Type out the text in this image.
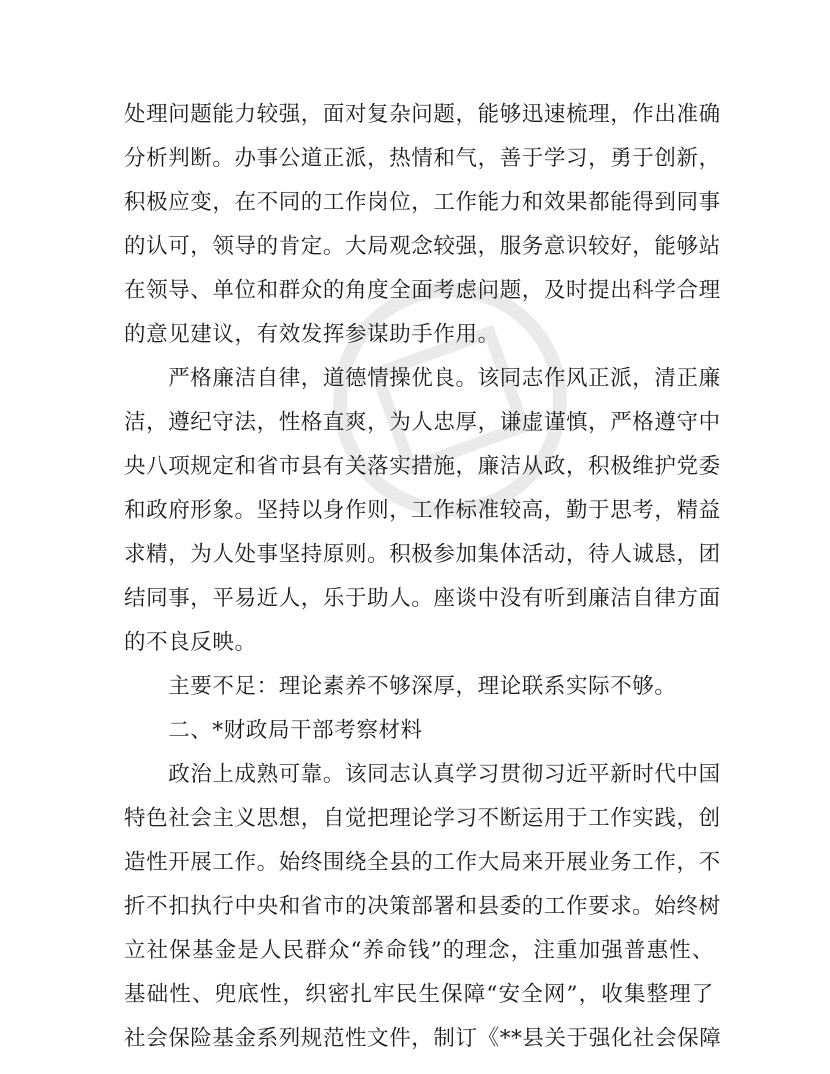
处理问题能力较强，面对复杂问题，能够迅速梳理，作出准确
分析判断。办事公道正派，热情和气，善于学习，勇于创新，
积极应变，在不同的工作岗位，工作能力和效果都能得到同事
的认可，领导的肯定。大局观念较强，服务意识较好，能够站
在领导、单位和群众的角度全面考虑问题，及时提出科学合理
的意见建议，有效发挥参谋助手作用。
　　严格廉洁自律，道德情操优良。该同志作风正派，清正廉
洁，遵纪守法，性格直爽，为人忠厚，谦虚谨慎，严格遵守中
央八项规定和省市县有关落实措施，廉洁从政，积极维护党委
和政府形象。坚持以身作则，工作标准较高，勤于思考，精益
求精，为人处事坚持原则。积极参加集体活动，待人诚恳，团
结同事，平易近人，乐于助人。座谈中没有听到廉洁自律方面
的不良反映。
　　主要不足：理论素养不够深厚，理论联系实际不够。
　　二、*财政局干部考察材料
　　政治上成熟可靠。该同志认真学习贯彻习近平新时代中国
特色社会主义思想，自觉把理论学习不断运用于工作实践，创
造性开展工作。始终围绕全县的工作大局来开展业务工作，不
折不扣执行中央和省市的决策部署和县委的工作要求。始终树
立社保基金是人民群众“养命钱”的理念，注重加强普惠性、
基础性、兜底性，织密扎牢民生保障“安全网”，收集整理了
社会保险基金系列规范性文件，制订《**县关于强化社会保障
